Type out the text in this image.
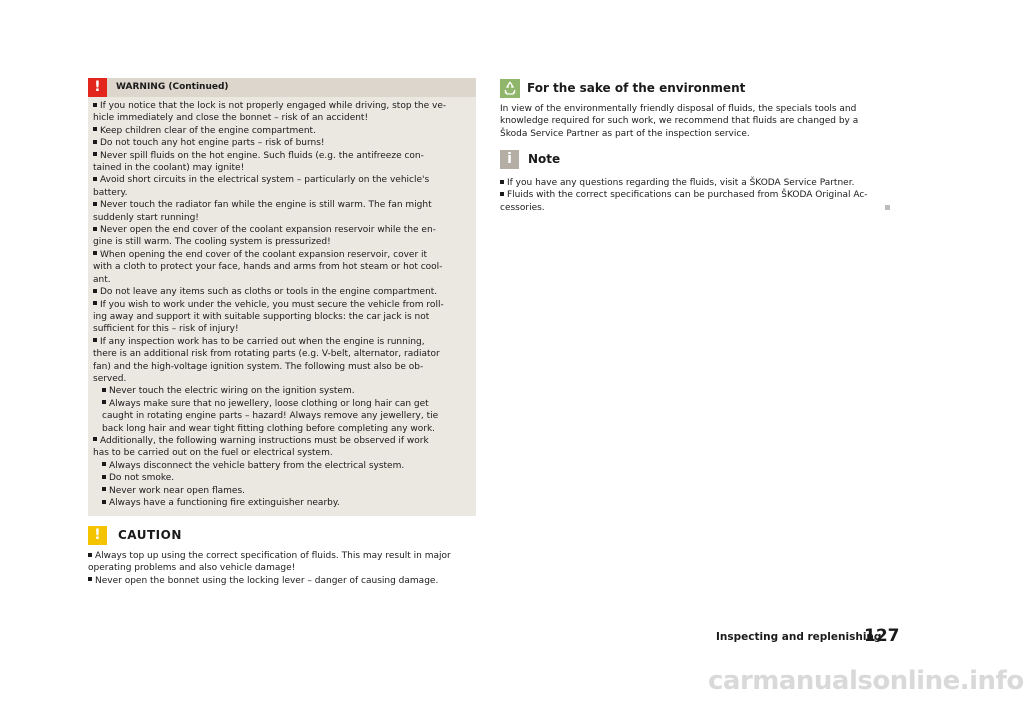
!	WARNING (Continued)
If you notice that the lock is not properly engaged while driving, stop the ve-
hicle immediately and close the bonnet – risk of an accident!
Keep children clear of the engine compartment.
Do not touch any hot engine parts – risk of burns!
Never spill fluids on the hot engine. Such fluids (e.g. the antifreeze con-
tained in the coolant) may ignite!
Avoid short circuits in the electrical system – particularly on the vehicle's
battery.
Never touch the radiator fan while the engine is still warm. The fan might
suddenly start running!
Never open the end cover of the coolant expansion reservoir while the en-
gine is still warm. The cooling system is pressurized!
When opening the end cover of the coolant expansion reservoir, cover it
with a cloth to protect your face, hands and arms from hot steam or hot cool-
ant.
Do not leave any items such as cloths or tools in the engine compartment.
If you wish to work under the vehicle, you must secure the vehicle from roll-
ing away and support it with suitable supporting blocks: the car jack is not
sufficient for this – risk of injury!
If any inspection work has to be carried out when the engine is running,
there is an additional risk from rotating parts (e.g. V-belt, alternator, radiator
fan) and the high-voltage ignition system. The following must also be ob-
served.
Never touch the electric wiring on the ignition system.
Always make sure that no jewellery, loose clothing or long hair can get
caught in rotating engine parts – hazard! Always remove any jewellery, tie
back long hair and wear tight fitting clothing before completing any work.
Additionally, the following warning instructions must be observed if work
has to be carried out on the fuel or electrical system.
Always disconnect the vehicle battery from the electrical system.
Do not smoke.
Never work near open flames.
Always have a functioning fire extinguisher nearby.
!	CAUTION
Always top up using the correct specification of fluids. This may result in major
operating problems and also vehicle damage!
Never open the bonnet using the locking lever – danger of causing damage.
For the sake of the environment
In view of the environmentally friendly disposal of fluids, the specials tools and
knowledge required for such work, we recommend that fluids are changed by a
Škoda Service Partner as part of the inspection service.
i	Note
If you have any questions regarding the fluids, visit a ŠKODA Service Partner.
Fluids with the correct specifications can be purchased from ŠKODA Original Ac-
cessories.
Inspecting and replenishing
127
carmanualsonline.info
